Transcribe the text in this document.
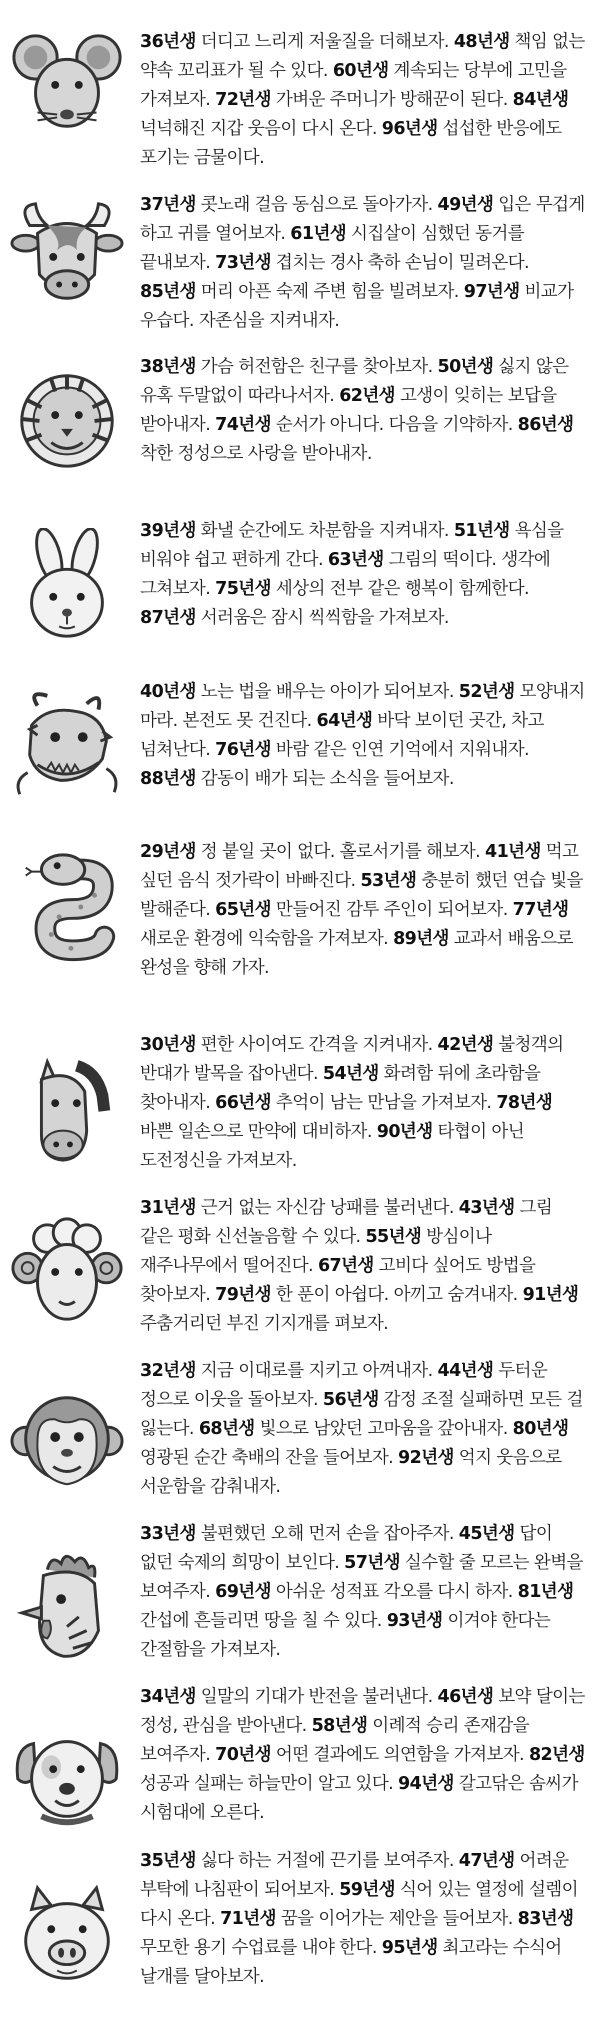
36년생 더디고 느리게 저울질을 더해보자. 48년생 책임 없는 약속 꼬리표가 될 수 있다. 60년생 계속되는 당부에 고민을 가져보자. 72년생 가벼운 주머니가 방해꾼이 된다. 84년생 넉넉해진 지갑 웃음이 다시 온다. 96년생 섭섭한 반응에도 포기는 금물이다.
37년생 콧노래 걸음 동심으로 돌아가자. 49년생 입은 무겁게 하고 귀를 열어보자. 61년생 시집살이 심했던 동거를 끝내보자. 73년생 겹치는 경사 축하 손님이 밀려온다. 85년생 머리 아픈 숙제 주변 힘을 빌려보자. 97년생 비교가 우습다. 자존심을 지켜내자.
38년생 가슴 허전함은 친구를 찾아보자. 50년생 싫지 않은 유혹 두말없이 따라나서자. 62년생 고생이 잊히는 보답을 받아내자. 74년생 순서가 아니다. 다음을 기약하자. 86년생 착한 정성으로 사랑을 받아내자.
39년생 화낼 순간에도 차분함을 지켜내자. 51년생 욕심을 비워야 쉽고 편하게 간다. 63년생 그림의 떡이다. 생각에 그쳐보자. 75년생 세상의 전부 같은 행복이 함께한다. 87년생 서러움은 잠시 씩씩함을 가져보자.
40년생 노는 법을 배우는 아이가 되어보자. 52년생 모양내지 마라. 본전도 못 건진다. 64년생 바닥 보이던 곳간, 차고 넘쳐난다. 76년생 바람 같은 인연 기억에서 지워내자. 88년생 감동이 배가 되는 소식을 들어보자.
29년생 정 붙일 곳이 없다. 홀로서기를 해보자. 41년생 먹고 싶던 음식 젓가락이 바빠진다. 53년생 충분히 했던 연습 빛을 발해준다. 65년생 만들어진 감투 주인이 되어보자. 77년생 새로운 환경에 익숙함을 가져보자. 89년생 교과서 배움으로 완성을 향해 가자.
30년생 편한 사이여도 간격을 지켜내자. 42년생 불청객의 반대가 발목을 잡아낸다. 54년생 화려함 뒤에 초라함을 찾아내자. 66년생 추억이 남는 만남을 가져보자. 78년생 바쁜 일손으로 만약에 대비하자. 90년생 타협이 아닌 도전정신을 가져보자.
31년생 근거 없는 자신감 낭패를 불러낸다. 43년생 그림 같은 평화 신선놀음할 수 있다. 55년생 방심이나 재주나무에서 떨어진다. 67년생 고비다 싶어도 방법을 찾아보자. 79년생 한 푼이 아쉽다. 아끼고 숨겨내자. 91년생 주춤거리던 부진 기지개를 펴보자.
32년생 지금 이대로를 지키고 아껴내자. 44년생 두터운 정으로 이웃을 돌아보자. 56년생 감정 조절 실패하면 모든 걸 잃는다. 68년생 빛으로 남았던 고마움을 갚아내자. 80년생 영광된 순간 축배의 잔을 들어보자. 92년생 억지 웃음으로 서운함을 감춰내자.
33년생 불편했던 오해 먼저 손을 잡아주자. 45년생 답이 없던 숙제의 희망이 보인다. 57년생 실수할 줄 모르는 완벽을 보여주자. 69년생 아쉬운 성적표 각오를 다시 하자. 81년생 간섭에 흔들리면 땅을 칠 수 있다. 93년생 이겨야 한다는 간절함을 가져보자.
34년생 일말의 기대가 반전을 불러낸다. 46년생 보약 달이는 정성, 관심을 받아낸다. 58년생 이례적 승리 존재감을 보여주자. 70년생 어떤 결과에도 의연함을 가져보자. 82년생 성공과 실패는 하늘만이 알고 있다. 94년생 갈고닦은 솜씨가 시험대에 오른다.
35년생 싫다 하는 거절에 끈기를 보여주자. 47년생 어려운 부탁에 나침판이 되어보자. 59년생 식어 있는 열정에 설렘이 다시 온다. 71년생 꿈을 이어가는 제안을 들어보자. 83년생 무모한 용기 수업료를 내야 한다. 95년생 최고라는 수식어 날개를 달아보자.
